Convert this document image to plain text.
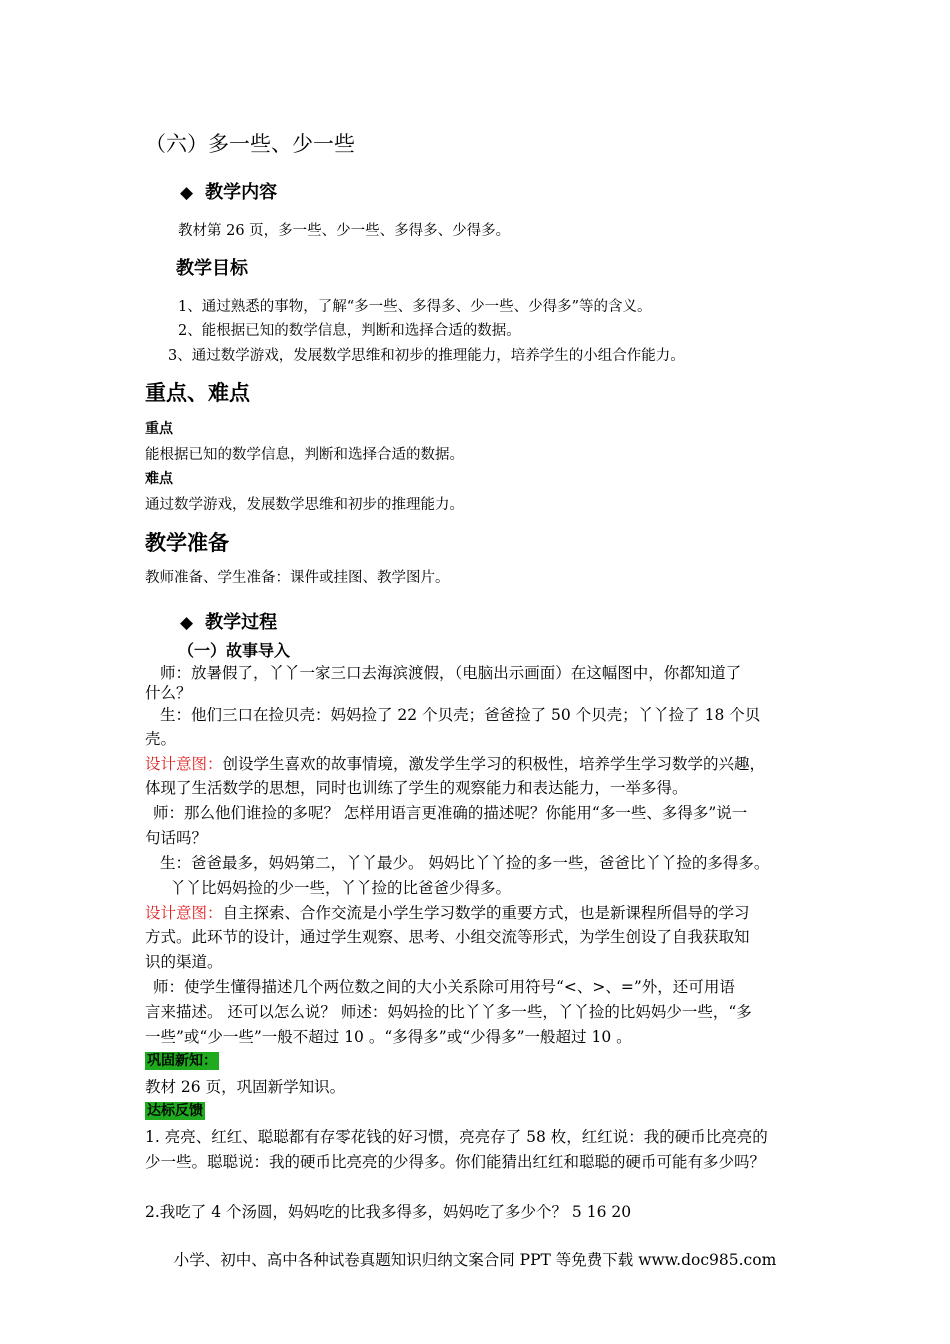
（六）多一些、少一些
◆ 教学内容
教材第 26 页，多一些、少一些、多得多、少得多。
教学目标
1、通过熟悉的事物，了解“多一些、多得多、少一些、少得多”等的含义。
2、能根据已知的数学信息，判断和选择合适的数据。
3、通过数学游戏，发展数学思维和初步的推理能力，培养学生的小组合作能力。
重点、难点
重点
能根据已知的数学信息，判断和选择合适的数据。
难点
通过数学游戏，发展数学思维和初步的推理能力。
教学准备
教师准备、学生准备：课件或挂图、教学图片。
◆ 教学过程
（一）故事导入
师：放暑假了，丫丫一家三口去海滨渡假，（电脑出示画面）在这幅图中，你都知道了
什么？
生：他们三口在捡贝壳：妈妈捡了 22 个贝壳；爸爸捡了 50 个贝壳；丫丫捡了 18 个贝
壳。
设计意图：创设学生喜欢的故事情境，激发学生学习的积极性，培养学生学习数学的兴趣，
体现了生活数学的思想，同时也训练了学生的观察能力和表达能力，一举多得。
师：那么他们谁捡的多呢？ 怎样用语言更准确的描述呢？你能用“多一些、多得多”说一
句话吗？
生：爸爸最多，妈妈第二，丫丫最少。 妈妈比丫丫捡的多一些，爸爸比丫丫捡的多得多。
丫丫比妈妈捡的少一些，丫丫捡的比爸爸少得多。
设计意图：自主探索、合作交流是小学生学习数学的重要方式，也是新课程所倡导的学习
方式。此环节的设计，通过学生观察、思考、小组交流等形式，为学生创设了自我获取知
识的渠道。
师：使学生懂得描述几个两位数之间的大小关系除可用符号“<、>、=”外，还可用语
言来描述。 还可以怎么说？ 师述：妈妈捡的比丫丫多一些，丫丫捡的比妈妈少一些，“多
一些”或“少一些”一般不超过 10 。“多得多”或“少得多”一般超过 10 。
巩固新知：
教材 26 页，巩固新学知识。
达标反馈
1. 亮亮、红红、聪聪都有存零花钱的好习惯，亮亮存了 58 枚，红红说：我的硬币比亮亮的
少一些。聪聪说：我的硬币比亮亮的少得多。你们能猜出红红和聪聪的硬币可能有多少吗？
2.我吃了 4 个汤圆，妈妈吃的比我多得多，妈妈吃了多少个？ 5 16 20
小学、初中、高中各种试卷真题知识归纳文案合同 PPT 等免费下载 www.doc985.com
